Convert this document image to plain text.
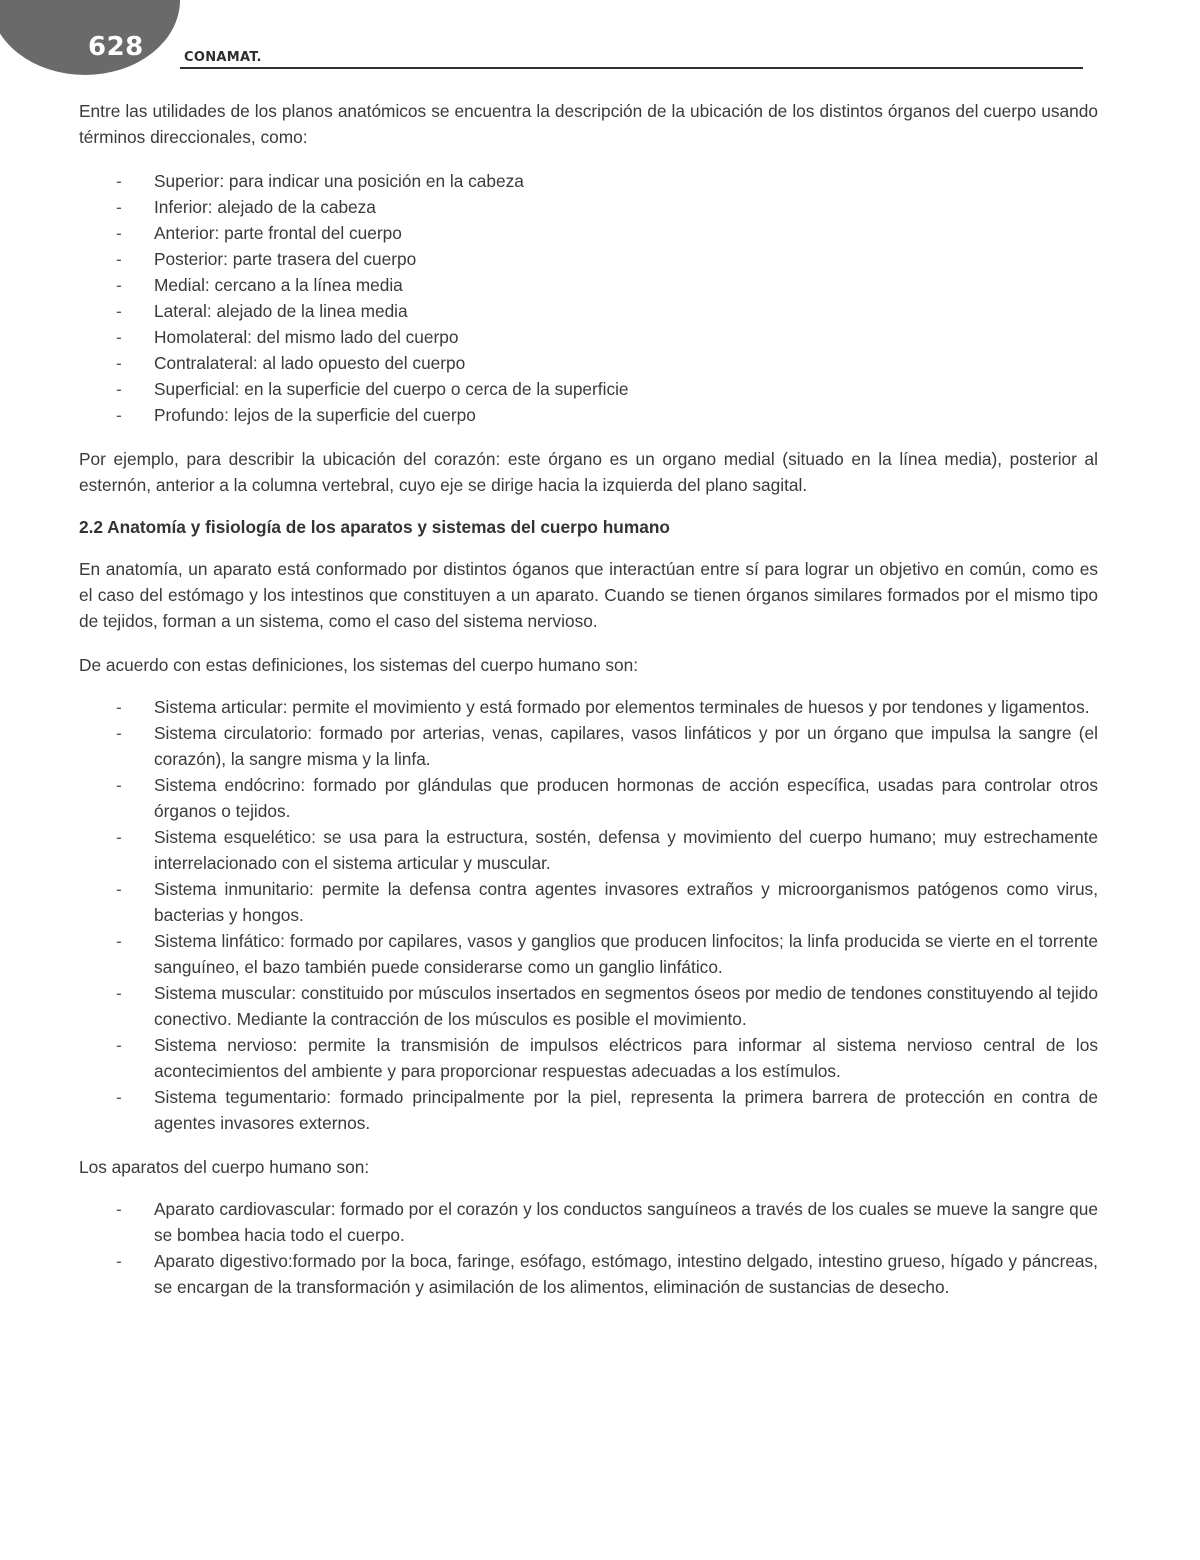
628	CONAMAT.

Entre las utilidades de los planos anatómicos se encuentra la descripción de la ubicación de los distintos órganos del cuerpo usando términos direccionales, como:

- Superior: para indicar una posición en la cabeza
- Inferior: alejado de la cabeza
- Anterior: parte frontal del cuerpo
- Posterior: parte trasera del cuerpo
- Medial: cercano a la línea media
- Lateral: alejado de la linea media
- Homolateral: del mismo lado del cuerpo
- Contralateral: al lado opuesto del cuerpo
- Superficial: en la superficie del cuerpo o cerca de la superficie
- Profundo: lejos de la superficie del cuerpo

Por ejemplo, para describir la ubicación del corazón: este órgano es un organo medial (situado en la línea media), posterior al esternón, anterior a la columna vertebral, cuyo eje se dirige hacia la izquierda del plano sagital.

2.2 Anatomía y fisiología de los aparatos y sistemas del cuerpo humano

En anatomía, un aparato está conformado por distintos óganos que interactúan entre sí para lograr un objetivo en común, como es el caso del estómago y los intestinos que constituyen a un aparato. Cuando se tienen órganos similares formados por el mismo tipo de tejidos, forman a un sistema, como el caso del sistema nervioso.

De acuerdo con estas definiciones, los sistemas del cuerpo humano son:

- Sistema articular: permite el movimiento y está formado por elementos terminales de huesos y por tendones y ligamentos.
- Sistema circulatorio: formado por arterias, venas, capilares, vasos linfáticos y por un órgano que impulsa la sangre (el corazón), la sangre misma y la linfa.
- Sistema endócrino: formado por glándulas que producen hormonas de acción específica, usadas para controlar otros órganos o tejidos.
- Sistema esquelético: se usa para la estructura, sostén, defensa y movimiento del cuerpo humano; muy estrechamente interrelacionado con el sistema articular y muscular.
- Sistema inmunitario: permite la defensa contra agentes invasores extraños y microorganismos patógenos como virus, bacterias y hongos.
- Sistema linfático: formado por capilares, vasos y ganglios que producen linfocitos; la linfa producida se vierte en el torrente sanguíneo, el bazo también puede considerarse como un ganglio linfático.
- Sistema muscular: constituido por músculos insertados en segmentos óseos por medio de tendones constituyendo al tejido conectivo. Mediante la contracción de los músculos es posible el movimiento.
- Sistema nervioso: permite la transmisión de impulsos eléctricos para informar al sistema nervioso central de los acontecimientos del ambiente y para proporcionar respuestas adecuadas a los estímulos.
- Sistema tegumentario: formado principalmente por la piel, representa la primera barrera de protección en contra de agentes invasores externos.

Los aparatos del cuerpo humano son:

- Aparato cardiovascular: formado por el corazón y los conductos sanguíneos a través de los cuales se mueve la sangre que se bombea hacia todo el cuerpo.
- Aparato digestivo:formado por la boca, faringe, esófago, estómago, intestino delgado, intestino grueso, hígado y páncreas, se encargan de la transformación y asimilación de los alimentos, eliminación de sustancias de desecho.
